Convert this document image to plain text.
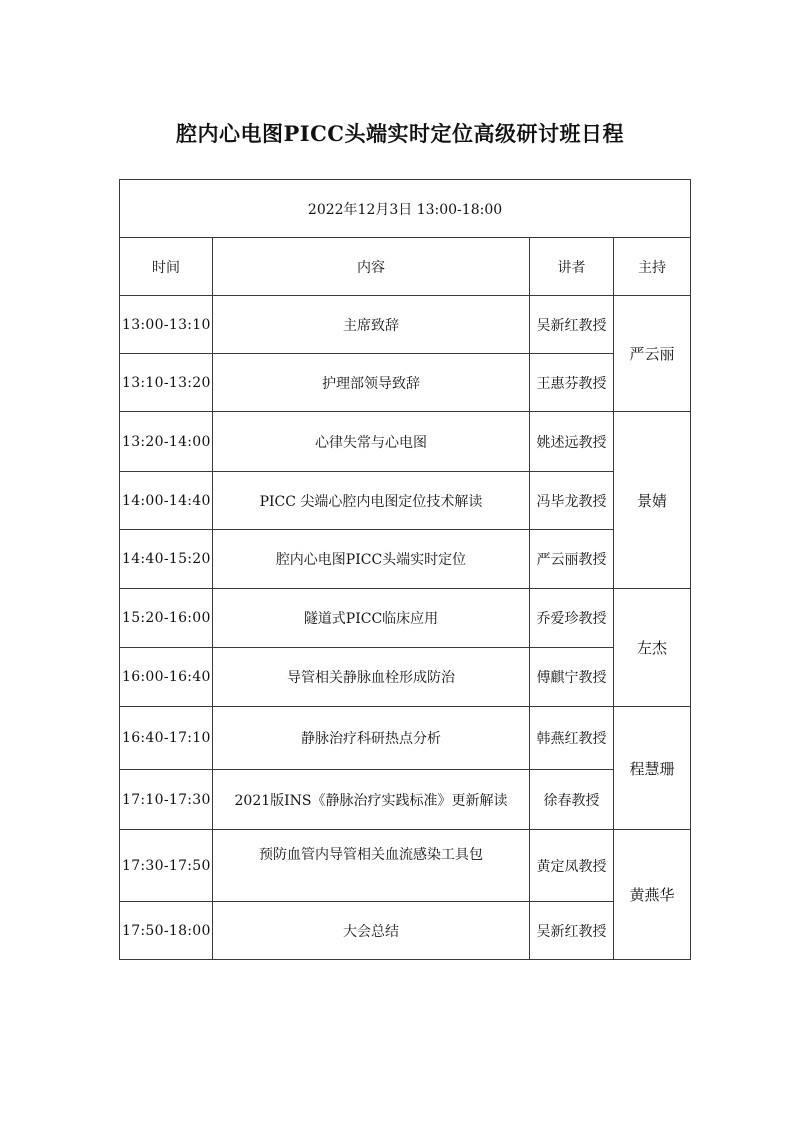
腔内心电图PICC头端实时定位高级研讨班日程
2022年12月3日 13:00-18:00			
时间	内容	讲者	主持
13:00-13:10	主席致辞	吴新红教授	严云丽
13:10-13:20	护理部领导致辞	王惠芬教授	
13:20-14:00	心律失常与心电图	姚述远教授	景婧
14:00-14:40	PICC 尖端心腔内电图定位技术解读	冯毕龙教授	
14:40-15:20	腔内心电图PICC头端实时定位	严云丽教授	
15:20-16:00	隧道式PICC临床应用	乔爱珍教授	左杰
16:00-16:40	导管相关静脉血栓形成防治	傅麒宁教授	
16:40-17:10	静脉治疗科研热点分析	韩燕红教授	程慧珊
17:10-17:30	2021版INS《静脉治疗实践标准》更新解读	徐春教授	
17:30-17:50	预防血管内导管相关血流感染工具包	黄定凤教授	黄燕华
17:50-18:00	大会总结	吴新红教授	
